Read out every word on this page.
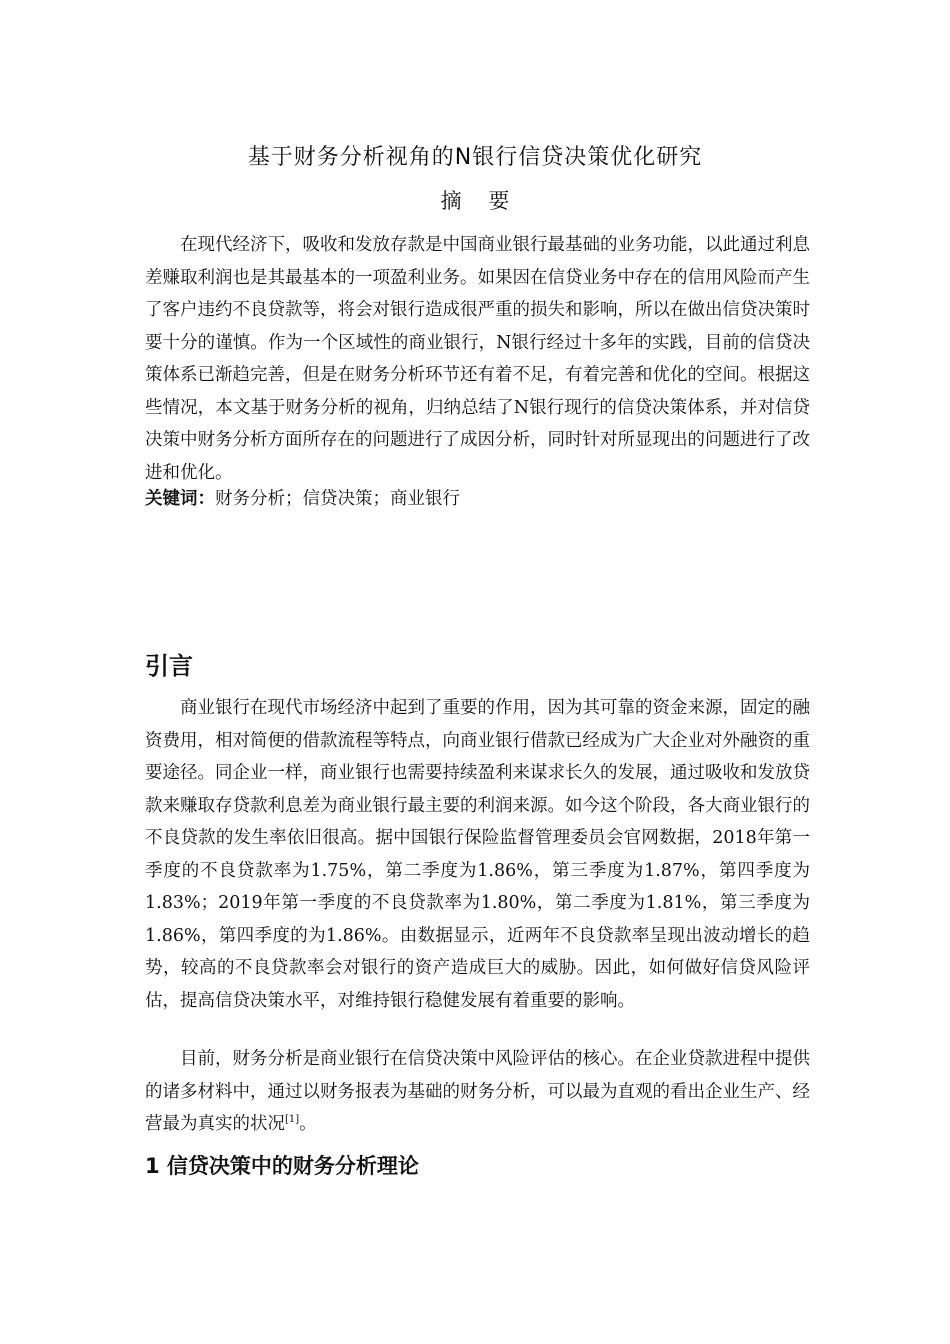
基于财务分析视角的N银行信贷决策优化研究
摘 要

在现代经济下，吸收和发放存款是中国商业银行最基础的业务功能，以此通过利息差赚取利润也是其最基本的一项盈利业务。如果因在信贷业务中存在的信用风险而产生了客户违约不良贷款等，将会对银行造成很严重的损失和影响，所以在做出信贷决策时要十分的谨慎。作为一个区域性的商业银行，N银行经过十多年的实践，目前的信贷决策体系已渐趋完善，但是在财务分析环节还有着不足，有着完善和优化的空间。根据这些情况，本文基于财务分析的视角，归纳总结了N银行现行的信贷决策体系，并对信贷决策中财务分析方面所存在的问题进行了成因分析，同时针对所显现出的问题进行了改进和优化。

关键词：财务分析；信贷决策；商业银行

引言

商业银行在现代市场经济中起到了重要的作用，因为其可靠的资金来源，固定的融资费用，相对简便的借款流程等特点，向商业银行借款已经成为广大企业对外融资的重要途径。同企业一样，商业银行也需要持续盈利来谋求长久的发展，通过吸收和发放贷款来赚取存贷款利息差为商业银行最主要的利润来源。如今这个阶段，各大商业银行的不良贷款的发生率依旧很高。据中国银行保险监督管理委员会官网数据，2018年第一季度的不良贷款率为1.75%，第二季度为1.86%，第三季度为1.87%，第四季度为1.83%；2019年第一季度的不良贷款率为1.80%，第二季度为1.81%，第三季度为1.86%，第四季度的为1.86%。由数据显示，近两年不良贷款率呈现出波动增长的趋势，较高的不良贷款率会对银行的资产造成巨大的威胁。因此，如何做好信贷风险评估，提高信贷决策水平，对维持银行稳健发展有着重要的影响。

目前，财务分析是商业银行在信贷决策中风险评估的核心。在企业贷款进程中提供的诸多材料中，通过以财务报表为基础的财务分析，可以最为直观的看出企业生产、经营最为真实的状况[1]。

1 信贷决策中的财务分析理论
